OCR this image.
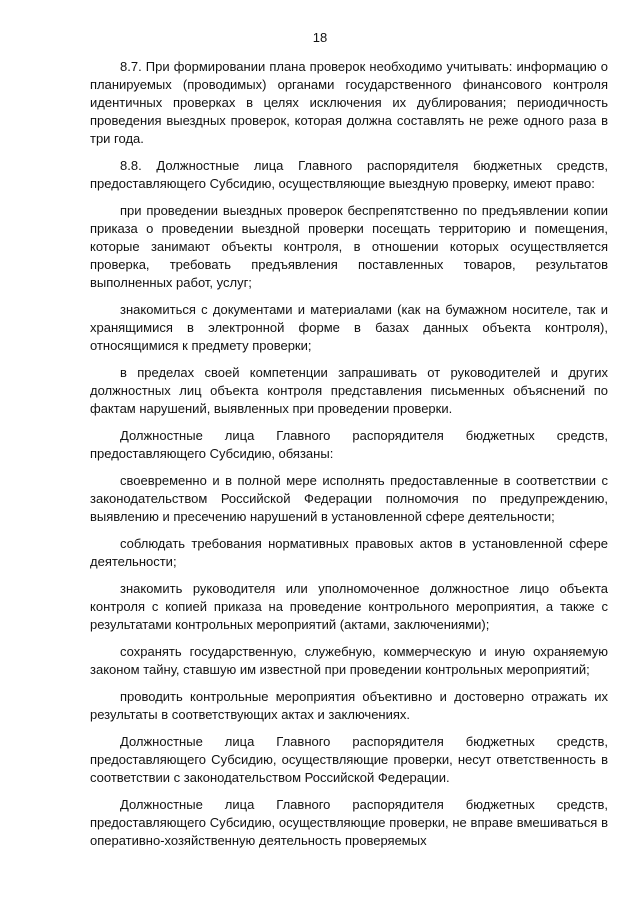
18

8.7. При формировании плана проверок необходимо учитывать: информацию о планируемых (проводимых) органами государственного финансового контроля идентичных проверках в целях исключения их дублирования; периодичность проведения выездных проверок, которая должна составлять не реже одного раза в три года.

8.8. Должностные лица Главного распорядителя бюджетных средств, предоставляющего Субсидию, осуществляющие выездную проверку, имеют право:

при проведении выездных проверок беспрепятственно по предъявлении копии приказа о проведении выездной проверки посещать территорию и помещения, которые занимают объекты контроля, в отношении которых осуществляется проверка, требовать предъявления поставленных товаров, результатов выполненных работ, услуг;

знакомиться с документами и материалами (как на бумажном носителе, так и хранящимися в электронной форме в базах данных объекта контроля), относящимися к предмету проверки;

в пределах своей компетенции запрашивать от руководителей и других должностных лиц объекта контроля представления письменных объяснений по фактам нарушений, выявленных при проведении проверки.

Должностные лица Главного распорядителя бюджетных средств, предоставляющего Субсидию, обязаны:

своевременно и в полной мере исполнять предоставленные в соответствии с законодательством Российской Федерации полномочия по предупреждению, выявлению и пресечению нарушений в установленной сфере деятельности;

соблюдать требования нормативных правовых актов в установленной сфере деятельности;

знакомить руководителя или уполномоченное должностное лицо объекта контроля с копией приказа на проведение контрольного мероприятия, а также с результатами контрольных мероприятий (актами, заключениями);

сохранять государственную, служебную, коммерческую и иную охраняемую законом тайну, ставшую им известной при проведении контрольных мероприятий;

проводить контрольные мероприятия объективно и достоверно отражать их результаты в соответствующих актах и заключениях.

Должностные лица Главного распорядителя бюджетных средств, предоставляющего Субсидию, осуществляющие проверки, несут ответственность в соответствии с законодательством Российской Федерации.

Должностные лица Главного распорядителя бюджетных средств, предоставляющего Субсидию, осуществляющие проверки, не вправе вмешиваться в оперативно-хозяйственную деятельность проверяемых
